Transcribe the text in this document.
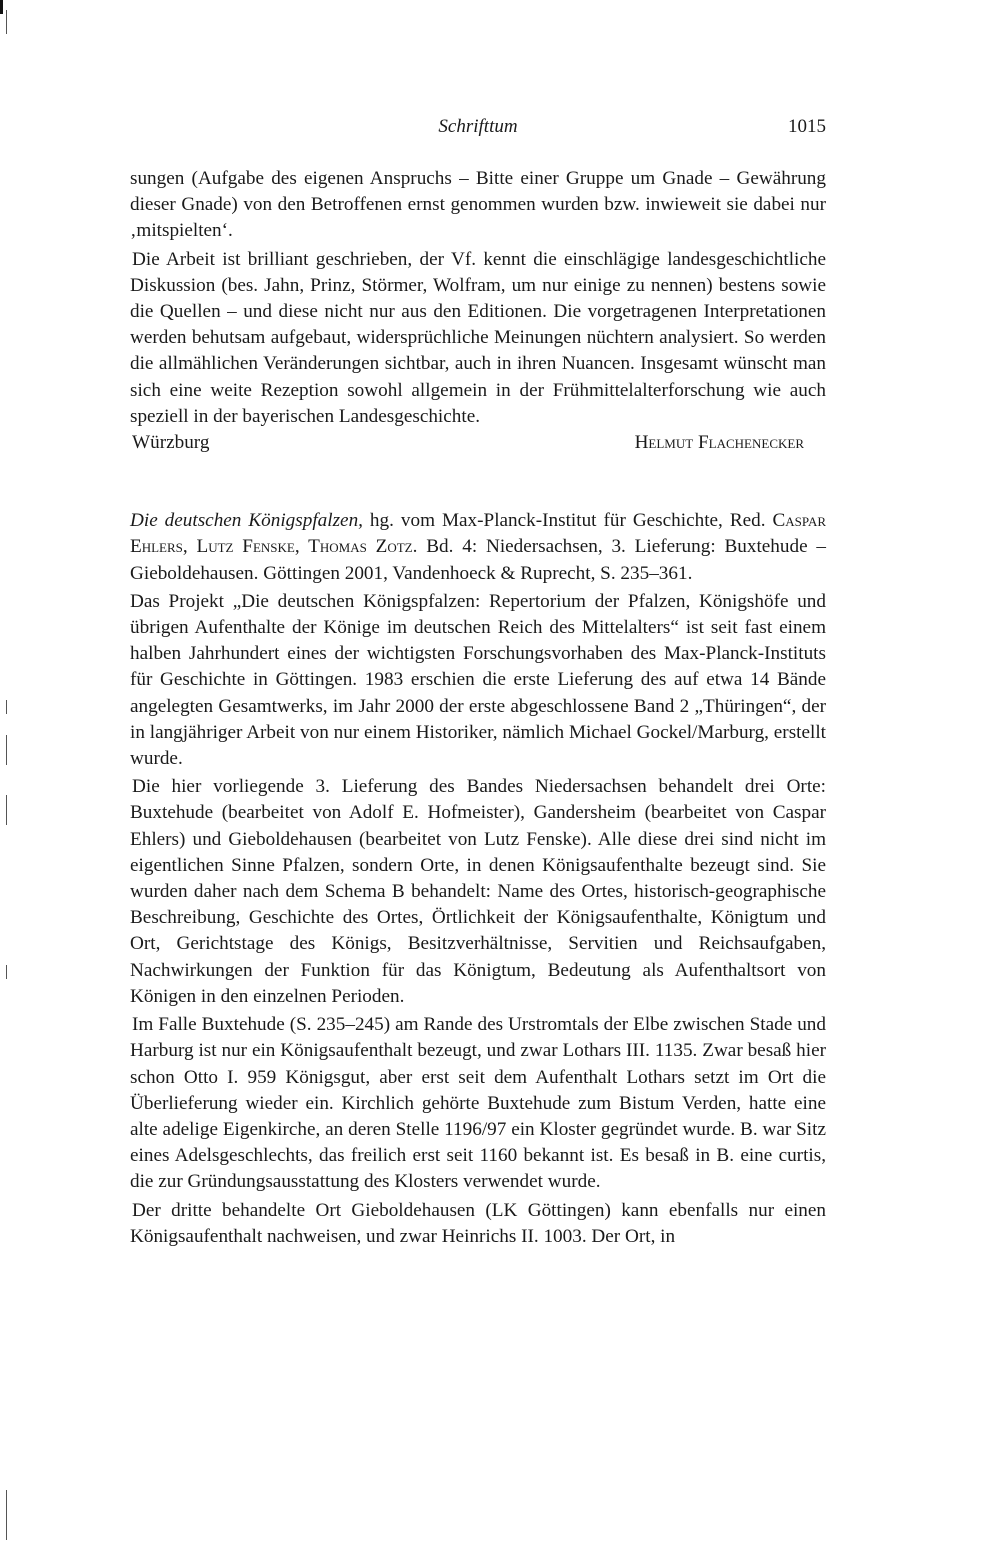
Schrifttum	1015

sungen (Aufgabe des eigenen Anspruchs – Bitte einer Gruppe um Gnade – Gewährung dieser Gnade) von den Betroffenen ernst genommen wurden bzw. inwieweit sie dabei nur ‚mitspielten‘.

Die Arbeit ist brilliant geschrieben, der Vf. kennt die einschlägige landesgeschichtliche Diskussion (bes. Jahn, Prinz, Störmer, Wolfram, um nur einige zu nennen) bestens sowie die Quellen – und diese nicht nur aus den Editionen. Die vorgetragenen Interpretationen werden behutsam aufgebaut, widersprüchliche Meinungen nüchtern analysiert. So werden die allmählichen Veränderungen sichtbar, auch in ihren Nuancen. Insgesamt wünscht man sich eine weite Rezeption sowohl allgemein in der Frühmittelalterforschung wie auch speziell in der bayerischen Landesgeschichte.

Würzburg	Helmut Flachenecker

Die deutschen Königspfalzen, hg. vom Max-Planck-Institut für Geschichte, Red. Caspar Ehlers, Lutz Fenske, Thomas Zotz. Bd. 4: Niedersachsen, 3. Lieferung: Buxtehude – Gieboldehausen. Göttingen 2001, Vandenhoeck & Ruprecht, S. 235–361.

Das Projekt „Die deutschen Königspfalzen: Repertorium der Pfalzen, Königshöfe und übrigen Aufenthalte der Könige im deutschen Reich des Mittelalters“ ist seit fast einem halben Jahrhundert eines der wichtigsten Forschungsvorhaben des Max-Planck-Instituts für Geschichte in Göttingen. 1983 erschien die erste Lieferung des auf etwa 14 Bände angelegten Gesamtwerks, im Jahr 2000 der erste abgeschlossene Band 2 „Thüringen“, der in langjähriger Arbeit von nur einem Historiker, nämlich Michael Gockel/Marburg, erstellt wurde.

Die hier vorliegende 3. Lieferung des Bandes Niedersachsen behandelt drei Orte: Buxtehude (bearbeitet von Adolf E. Hofmeister), Gandersheim (bearbeitet von Caspar Ehlers) und Gieboldehausen (bearbeitet von Lutz Fenske). Alle diese drei sind nicht im eigentlichen Sinne Pfalzen, sondern Orte, in denen Königsaufenthalte bezeugt sind. Sie wurden daher nach dem Schema B behandelt: Name des Ortes, historisch-geographische Beschreibung, Geschichte des Ortes, Örtlichkeit der Königsaufenthalte, Königtum und Ort, Gerichtstage des Königs, Besitzverhältnisse, Servitien und Reichsaufgaben, Nachwirkungen der Funktion für das Königtum, Bedeutung als Aufenthaltsort von Königen in den einzelnen Perioden.

Im Falle Buxtehude (S. 235–245) am Rande des Urstromtals der Elbe zwischen Stade und Harburg ist nur ein Königsaufenthalt bezeugt, und zwar Lothars III. 1135. Zwar besaß hier schon Otto I. 959 Königsgut, aber erst seit dem Aufenthalt Lothars setzt im Ort die Überlieferung wieder ein. Kirchlich gehörte Buxtehude zum Bistum Verden, hatte eine alte adelige Eigenkirche, an deren Stelle 1196/97 ein Kloster gegründet wurde. B. war Sitz eines Adelsgeschlechts, das freilich erst seit 1160 bekannt ist. Es besaß in B. eine curtis, die zur Gründungsausstattung des Klosters verwendet wurde.

Der dritte behandelte Ort Gieboldehausen (LK Göttingen) kann ebenfalls nur einen Königsaufenthalt nachweisen, und zwar Heinrichs II. 1003. Der Ort, in
